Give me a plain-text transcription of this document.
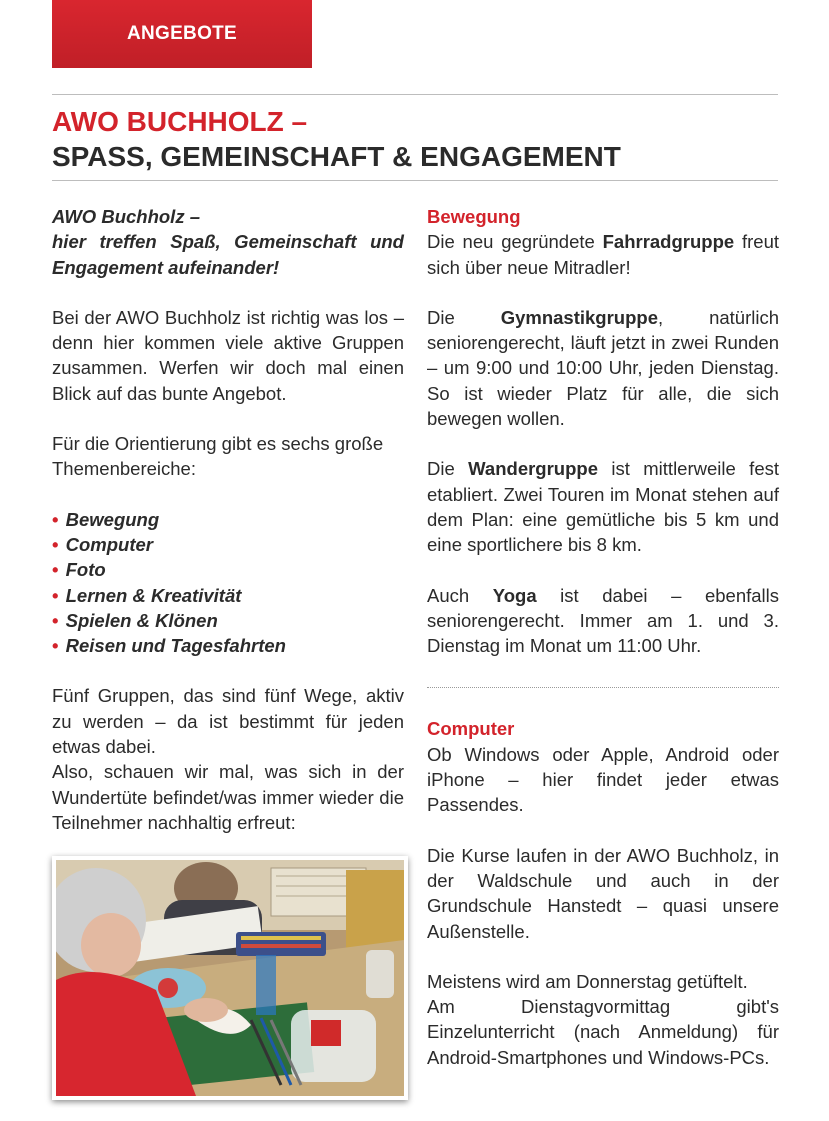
ANGEBOTE
AWO BUCHHOLZ –
SPASS, GEMEINSCHAFT & ENGAGEMENT

AWO Buchholz –

hier treffen Spaß, Gemeinschaft und Engagement aufeinander!

Bei der AWO Buchholz ist richtig was los – denn hier kommen viele aktive Gruppen zusammen. Werfen wir doch mal einen Blick auf das bunte Angebot.

Für die Orientierung gibt es sechs große Themenbereiche:

• Bewegung
• Computer
• Foto
• Lernen & Kreativität
• Spielen & Klönen
• Reisen und Tagesfahrten

Fünf Gruppen, das sind fünf Wege, aktiv zu werden – da ist bestimmt für jeden etwas dabei.

Also, schauen wir mal, was sich in der Wundertüte befindet/was immer wieder die Teilnehmer nachhaltig erfreut:

Bewegung

Die neu gegründete Fahrradgruppe freut sich über neue Mitradler!

Die Gymnastikgruppe, natürlich seniorengerecht, läuft jetzt in zwei Runden – um 9:00 und 10:00 Uhr, jeden Dienstag. So ist wieder Platz für alle, die sich bewegen wollen.

Die Wandergruppe ist mittlerweile fest etabliert. Zwei Touren im Monat stehen auf dem Plan: eine gemütliche bis 5 km und eine sportlichere bis 8 km.

Auch Yoga ist dabei – ebenfalls seniorengerecht. Immer am 1. und 3. Dienstag im Monat um 11:00 Uhr.

Computer

Ob Windows oder Apple, Android oder iPhone – hier findet jeder etwas Passendes.

Die Kurse laufen in der AWO Buchholz, in der Waldschule und auch in der Grundschule Hanstedt – quasi unsere Außenstelle.

Meistens wird am Donnerstag getüftelt.

Am Dienstagvormittag gibt's Einzelunterricht (nach Anmeldung) für Android-Smartphones und Windows-PCs.
